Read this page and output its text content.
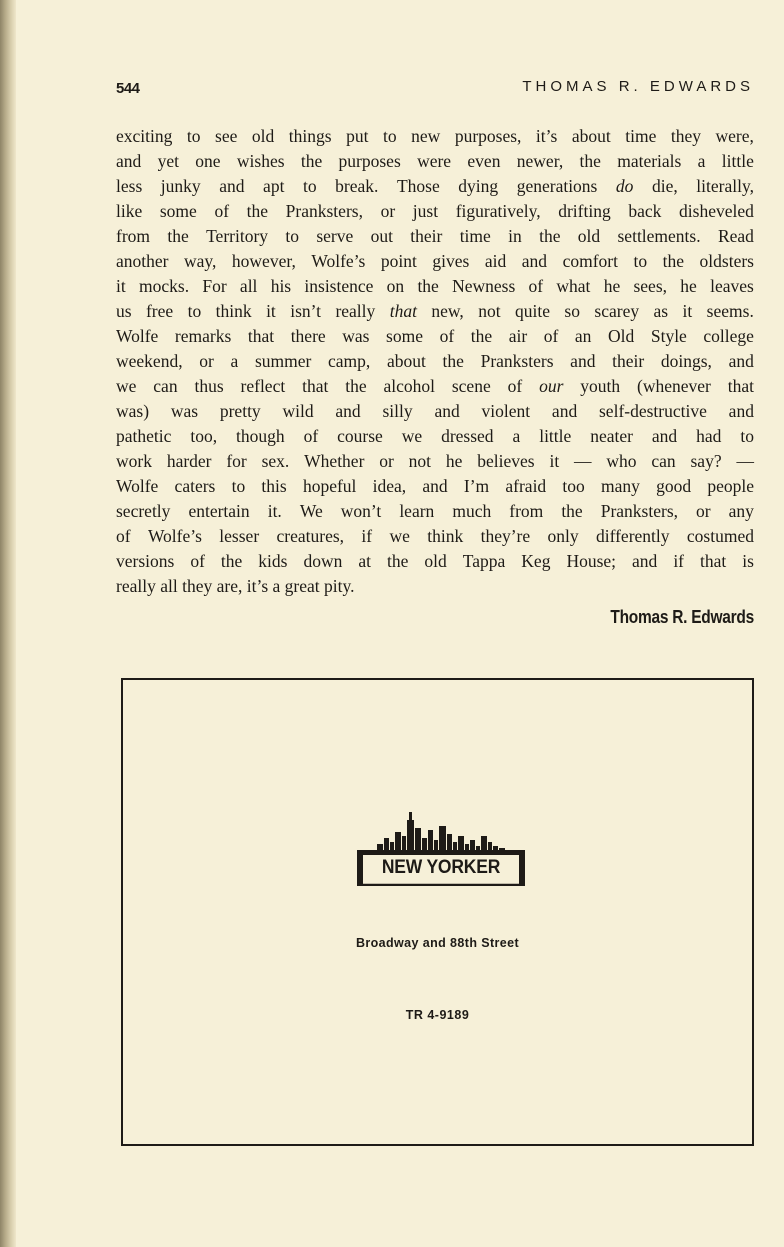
544	THOMAS R. EDWARDS
exciting to see old things put to new purposes, it’s about time they were,
and yet one wishes the purposes were even newer, the materials a little
less junky and apt to break. Those dying generations do die, literally,
like some of the Pranksters, or just figuratively, drifting back disheveled
from the Territory to serve out their time in the old settlements. Read
another way, however, Wolfe’s point gives aid and comfort to the oldsters
it mocks. For all his insistence on the Newness of what he sees, he leaves
us free to think it isn’t really that new, not quite so scarey as it seems.
Wolfe remarks that there was some of the air of an Old Style college
weekend, or a summer camp, about the Pranksters and their doings, and
we can thus reflect that the alcohol scene of our youth (whenever that
was) was pretty wild and silly and violent and self-destructive and
pathetic too, though of course we dressed a little neater and had to
work harder for sex. Whether or not he believes it — who can say? —
Wolfe caters to this hopeful idea, and I’m afraid too many good people
secretly entertain it. We won’t learn much from the Pranksters, or any
of Wolfe’s lesser creatures, if we think they’re only differently costumed
versions of the kids down at the old Tappa Keg House; and if that is
really all they are, it’s a great pity.
Thomas R. Edwards
NEW YORKER
Broadway and 88th Street
TR 4-9189
